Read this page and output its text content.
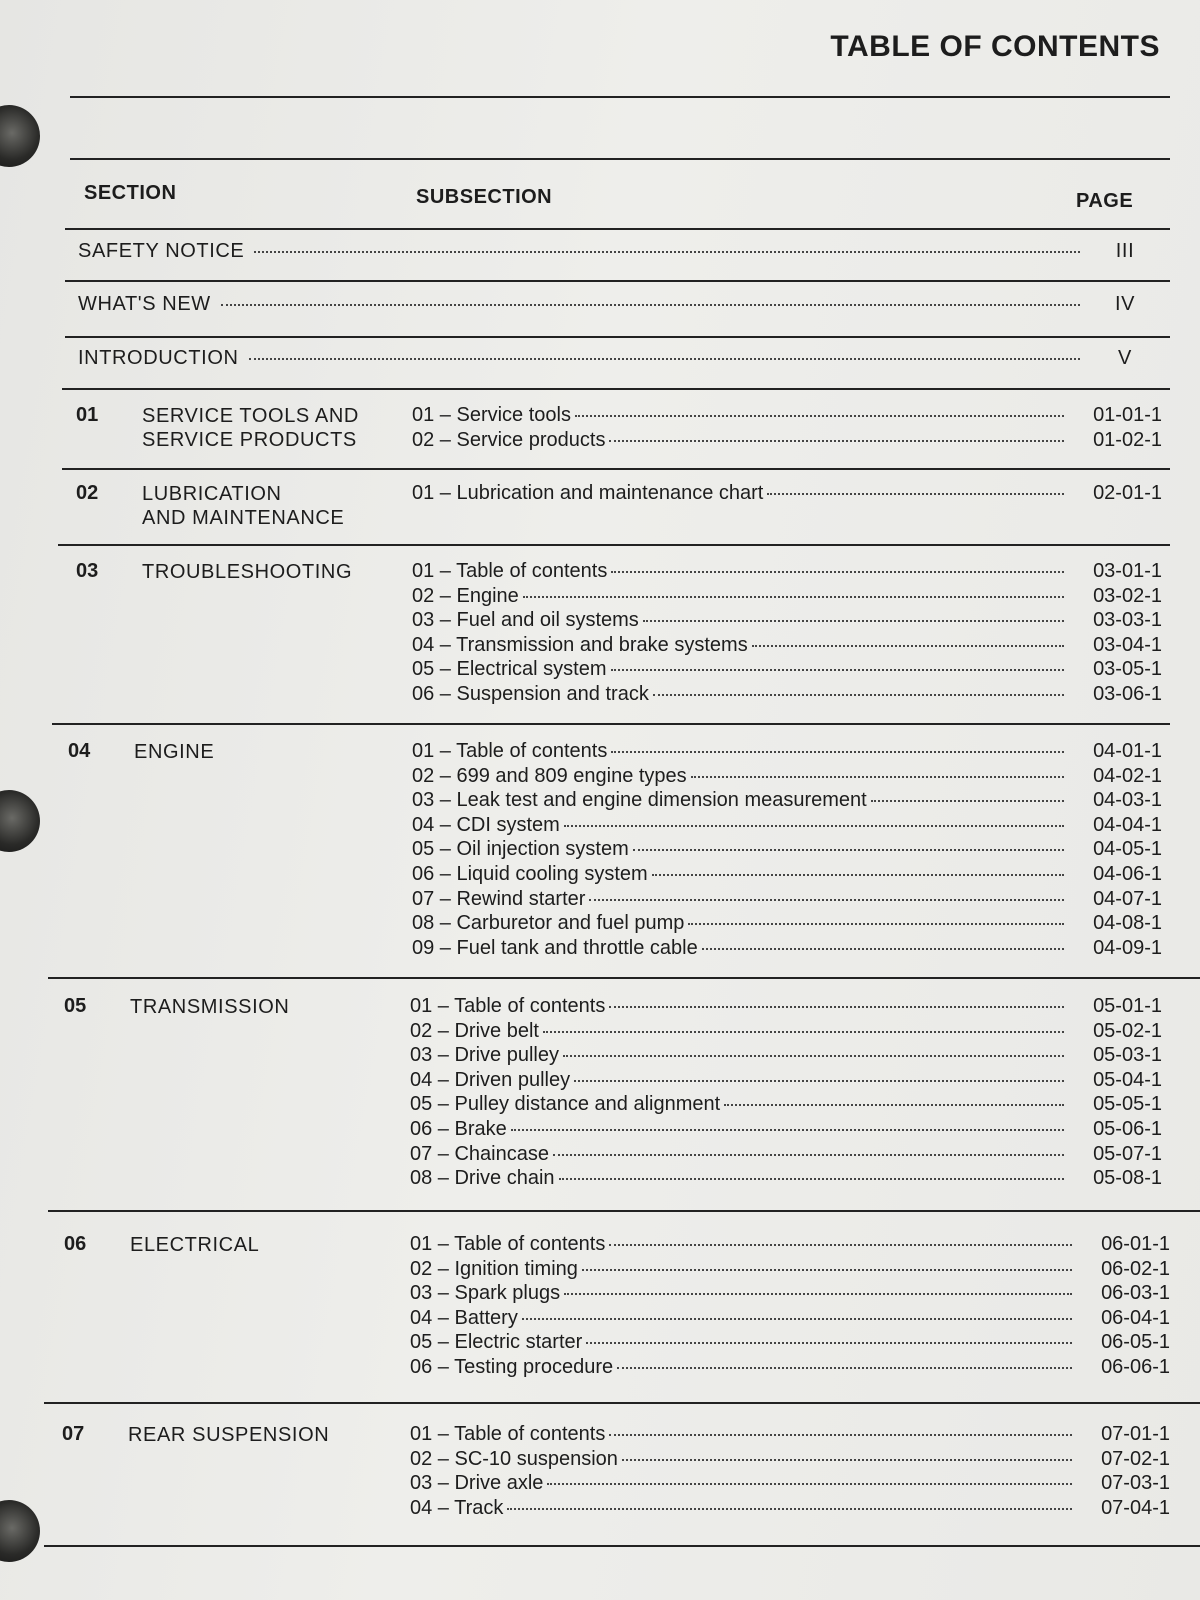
TABLE OF CONTENTS
SECTION	SUBSECTION	PAGE
SAFETY NOTICE	III
WHAT'S NEW	IV
INTRODUCTION	V
01 SERVICE TOOLS AND
SERVICE PRODUCTS
01 – Service tools	01-01-1
02 – Service products	01-02-1
02 LUBRICATION
AND MAINTENANCE
01 – Lubrication and maintenance chart	02-01-1
03 TROUBLESHOOTING	01 – Table of contents	03-01-1
02 – Engine	03-02-1
03 – Fuel and oil systems	03-03-1
04 – Transmission and brake systems	03-04-1
05 – Electrical system	03-05-1
06 – Suspension and track	03-06-1
04 ENGINE	01 – Table of contents	04-01-1
02 – 699 and 809 engine types	04-02-1
03 – Leak test and engine dimension measurement	04-03-1
04 – CDI system	04-04-1
05 – Oil injection system	04-05-1
06 – Liquid cooling system	04-06-1
07 – Rewind starter	04-07-1
08 – Carburetor and fuel pump	04-08-1
09 – Fuel tank and throttle cable	04-09-1
05 TRANSMISSION	01 – Table of contents	05-01-1
02 – Drive belt	05-02-1
03 – Drive pulley	05-03-1
04 – Driven pulley	05-04-1
05 – Pulley distance and alignment	05-05-1
06 – Brake	05-06-1
07 – Chaincase	05-07-1
08 – Drive chain	05-08-1
06 ELECTRICAL	01 – Table of contents	06-01-1
02 – Ignition timing	06-02-1
03 – Spark plugs	06-03-1
04 – Battery	06-04-1
05 – Electric starter	06-05-1
06 – Testing procedure	06-06-1
07 REAR SUSPENSION	01 – Table of contents	07-01-1
02 – SC-10 suspension	07-02-1
03 – Drive axle	07-03-1
04 – Track	07-04-1
